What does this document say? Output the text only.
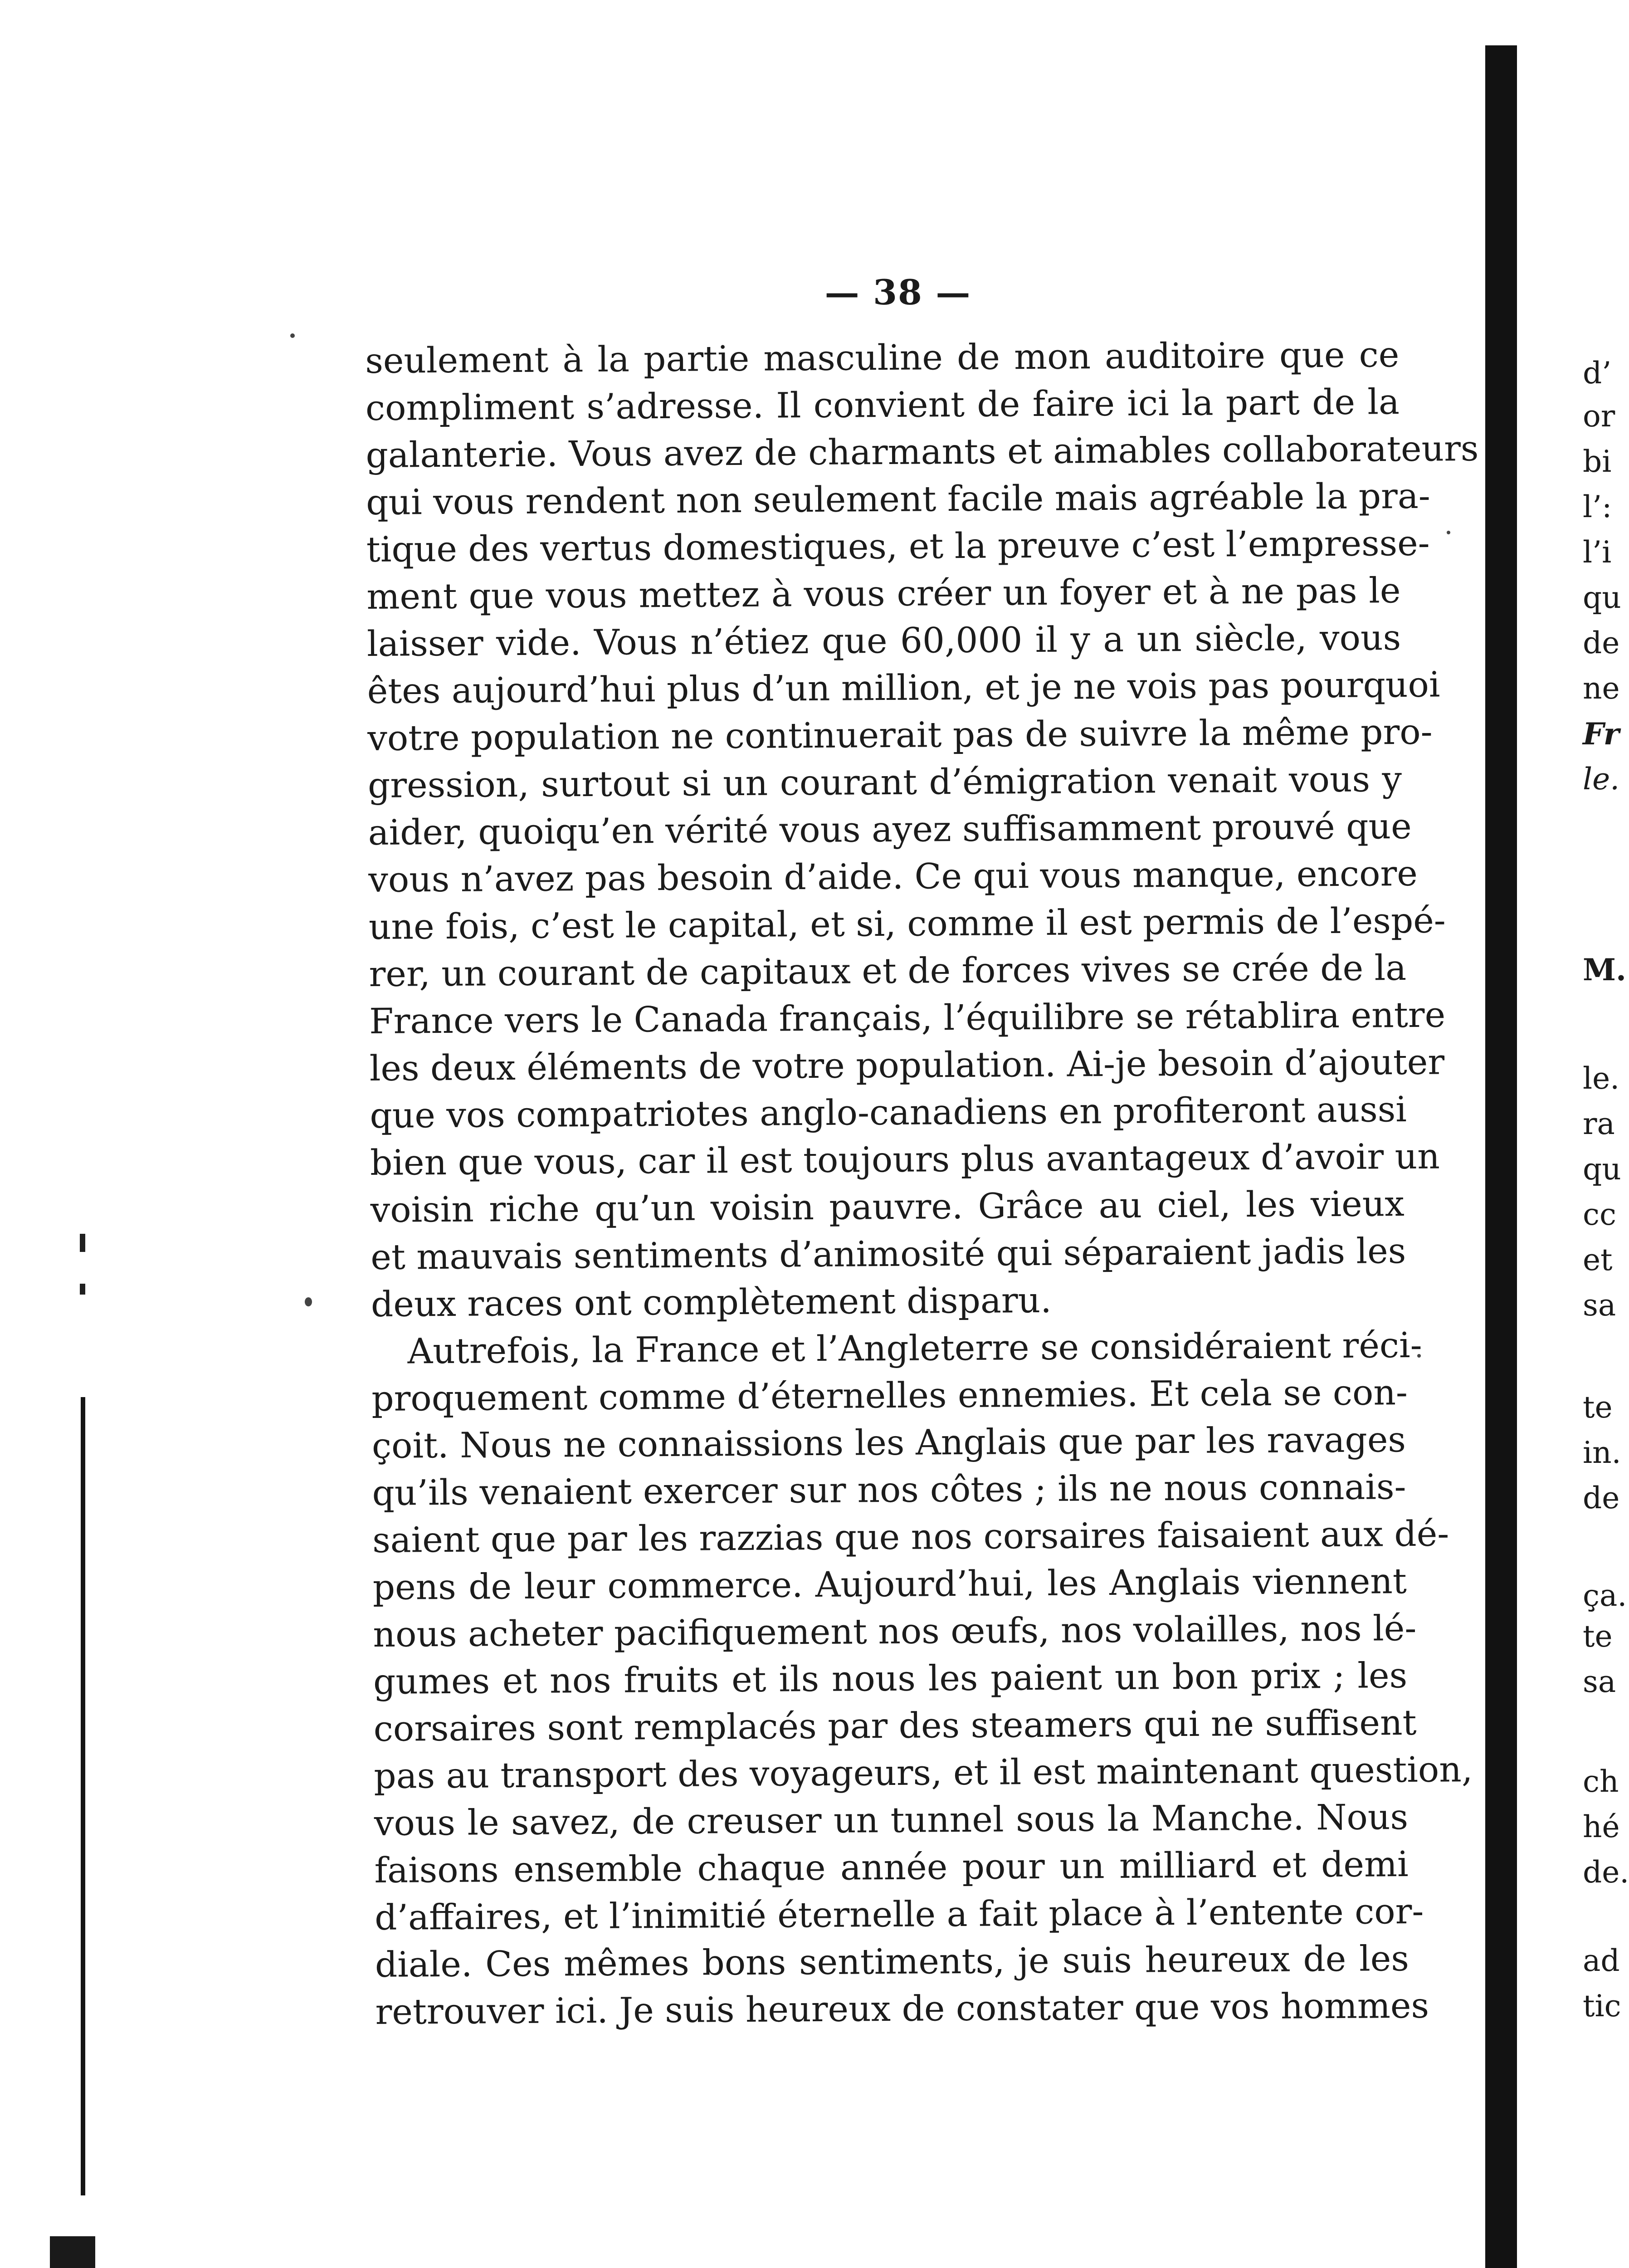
— 38 —
seulement à la partie masculine de mon auditoire que ce
compliment s’adresse. Il convient de faire ici la part de la
galanterie. Vous avez de charmants et aimables collaborateurs
qui vous rendent non seulement facile mais agréable la pra-
tique des vertus domestiques, et la preuve c’est l’empresse-
ment que vous mettez à vous créer un foyer et à ne pas le
laisser vide. Vous n’étiez que 60,000 il y a un siècle, vous
êtes aujourd’hui plus d’un million, et je ne vois pas pourquoi
votre population ne continuerait pas de suivre la même pro-
gression, surtout si un courant d’émigration venait vous y
aider, quoiqu’en vérité vous ayez suffisamment prouvé que
vous n’avez pas besoin d’aide. Ce qui vous manque, encore
une fois, c’est le capital, et si, comme il est permis de l’espé-
rer, un courant de capitaux et de forces vives se crée de la
France vers le Canada français, l’équilibre se rétablira entre
les deux éléments de votre population. Ai-je besoin d’ajouter
que vos compatriotes anglo-canadiens en profiteront aussi
bien que vous, car il est toujours plus avantageux d’avoir un
voisin riche qu’un voisin pauvre. Grâce au ciel, les vieux
et mauvais sentiments d’animosité qui séparaient jadis les
deux races ont complètement disparu.
Autrefois, la France et l’Angleterre se considéraient réci-
proquement comme d’éternelles ennemies. Et cela se con-
çoit. Nous ne connaissions les Anglais que par les ravages
qu’ils venaient exercer sur nos côtes ; ils ne nous connais-
saient que par les razzias que nos corsaires faisaient aux dé-
pens de leur commerce. Aujourd’hui, les Anglais viennent
nous acheter pacifiquement nos œufs, nos volailles, nos lé-
gumes et nos fruits et ils nous les paient un bon prix ; les
corsaires sont remplacés par des steamers qui ne suffisent
pas au transport des voyageurs, et il est maintenant question,
vous le savez, de creuser un tunnel sous la Manche. Nous
faisons ensemble chaque année pour un milliard et demi
d’affaires, et l’inimitié éternelle a fait place à l’entente cor-
diale. Ces mêmes bons sentiments, je suis heureux de les
retrouver ici. Je suis heureux de constater que vos hommes
d’
or
bi
l’:
l’i
qu
de
ne
Fr
le.
M.
le.
ra
qu
cc
et
sa
te
in.
de
ça.
te
sa
ch
hé
de.
ad
tic
